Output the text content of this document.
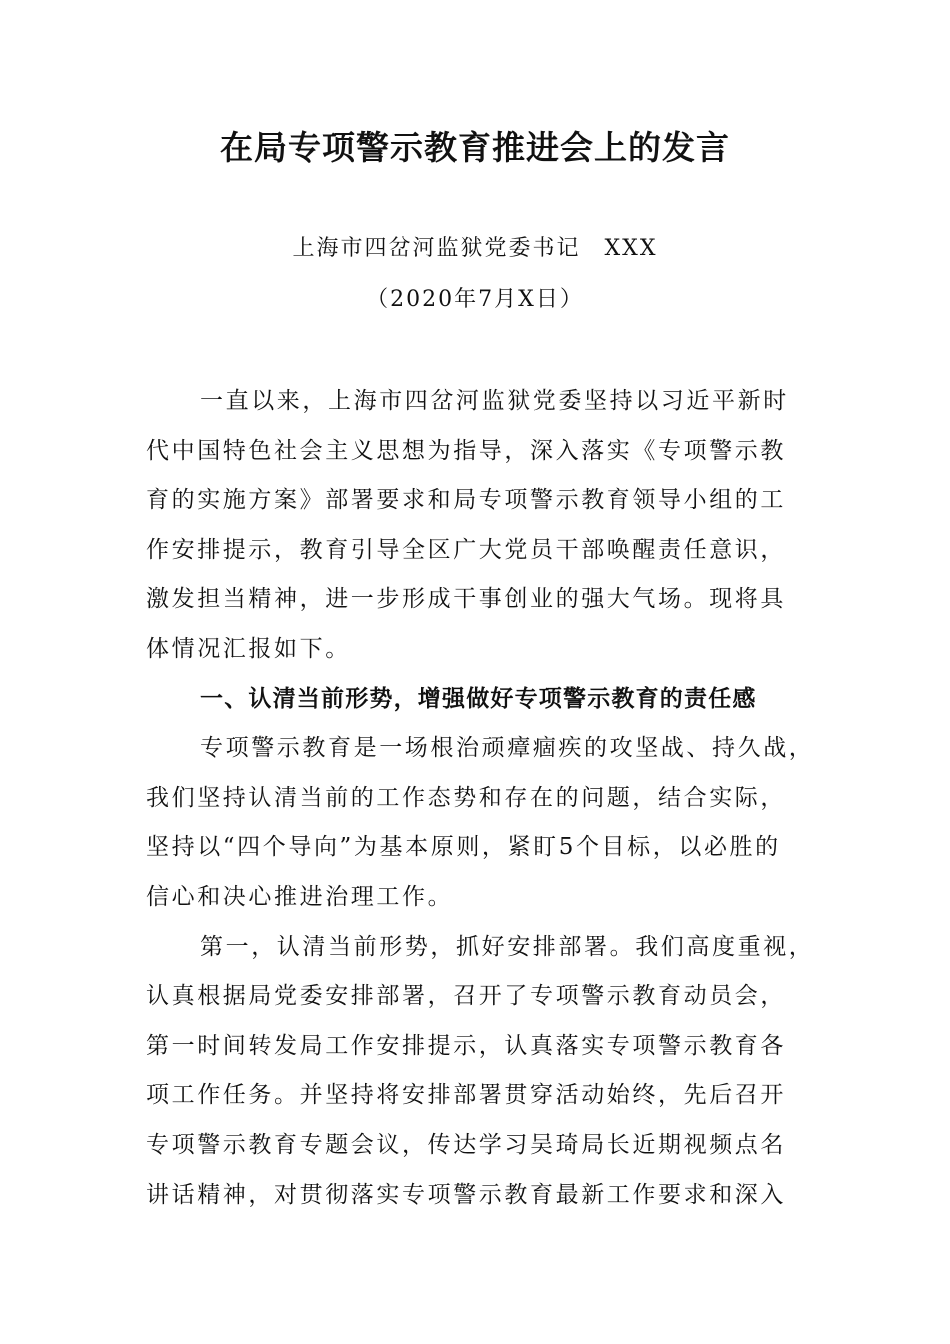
在局专项警示教育推进会上的发言

上海市四岔河监狱党委书记　XXX

（2020年7月X日）

一直以来，上海市四岔河监狱党委坚持以习近平新时

代中国特色社会主义思想为指导，深入落实《专项警示教

育的实施方案》部署要求和局专项警示教育领导小组的工

作安排提示，教育引导全区广大党员干部唤醒责任意识，

激发担当精神，进一步形成干事创业的强大气场。现将具

体情况汇报如下。

一、认清当前形势，增强做好专项警示教育的责任感

专项警示教育是一场根治顽瘴痼疾的攻坚战、持久战，

我们坚持认清当前的工作态势和存在的问题，结合实际，

坚持以“四个导向”为基本原则，紧盯5个目标，以必胜的

信心和决心推进治理工作。

第一，认清当前形势，抓好安排部署。我们高度重视，

认真根据局党委安排部署，召开了专项警示教育动员会，

第一时间转发局工作安排提示，认真落实专项警示教育各

项工作任务。并坚持将安排部署贯穿活动始终，先后召开

专项警示教育专题会议，传达学习吴琦局长近期视频点名

讲话精神，对贯彻落实专项警示教育最新工作要求和深入
